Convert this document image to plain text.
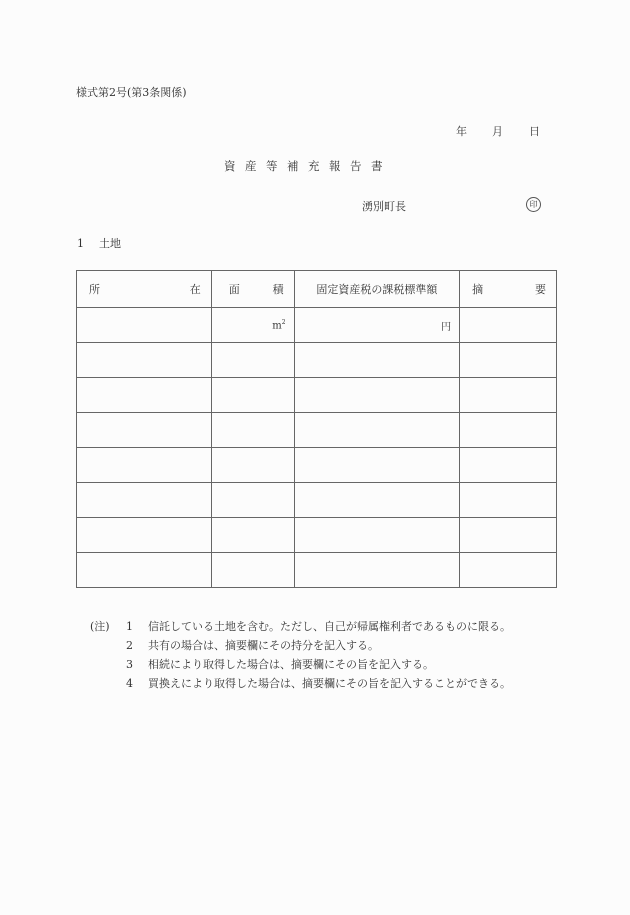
様式第2号(第3条関係)
年 月 日
資産等補充報告書
湧別町長	印
1 土地
所 在	面 積	固定資産税の課税標準額	摘 要

	$m^2$	円	

(注)	1	信託している土地を含む。ただし、自己が帰属権利者であるものに限る。
2	共有の場合は、摘要欄にその持分を記入する。
3	相続により取得した場合は、摘要欄にその旨を記入する。
4	買換えにより取得した場合は、摘要欄にその旨を記入することができる。
